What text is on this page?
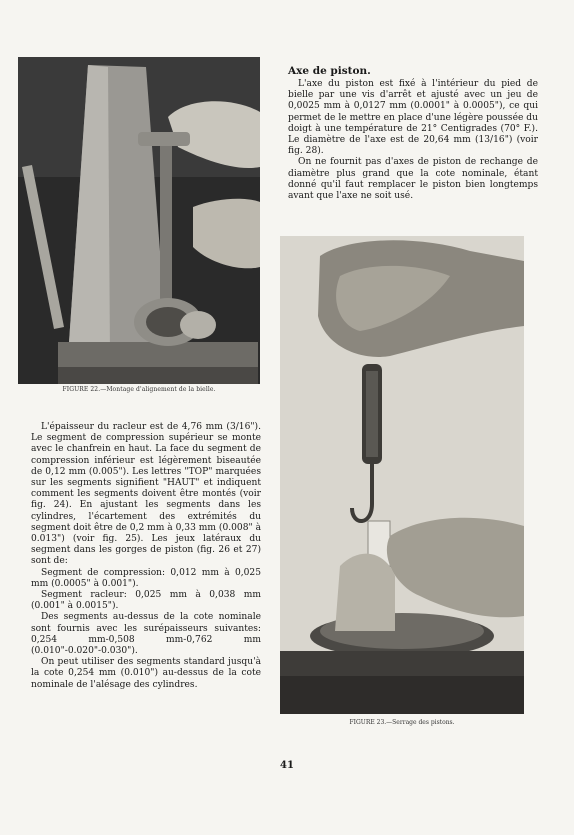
FIGURE 22.—Montage d'alignement de la bielle.

L'épaisseur du racleur est de 4,76 mm (3/16"). Le segment de compression supérieur se monte avec le chanfrein en haut. La face du segment de compression inférieur est légèrement biseautée de 0,12 mm (0.005"). Les lettres "TOP" marquées sur les segments signifient "HAUT" et indiquent comment les segments doivent être montés (voir fig. 24). En ajustant les segments dans les cylindres, l'écartement des extrémités du segment doit être de 0,2 mm à 0,33 mm (0.008" à 0.013") (voir fig. 25). Les jeux latéraux du segment dans les gorges de piston (fig. 26 et 27) sont de:

Segment de compression: 0,012 mm à 0,025 mm (0.0005" à 0.001").

Segment racleur: 0,025 mm à 0,038 mm (0.001" à 0.0015").

Des segments au-dessus de la cote nominale sont fournis avec les surépaisseurs suivantes: 0,254 mm-0,508 mm-0,762 mm (0.010"-0.020"-0.030").

On peut utiliser des segments standard jusqu'à la cote 0,254 mm (0.010") au-dessus de la cote nominale de l'alésage des cylindres.

Axe de piston.

L'axe du piston est fixé à l'intérieur du pied de bielle par une vis d'arrêt et ajusté avec un jeu de 0,0025 mm à 0,0127 mm (0.0001" à 0.0005"), ce qui permet de le mettre en place d'une légère poussée du doigt à une température de 21° Centigrades (70° F.). Le diamètre de l'axe est de 20,64 mm (13/16") (voir fig. 28).

On ne fournit pas d'axes de piston de rechange de diamètre plus grand que la cote nominale, étant donné qu'il faut remplacer le piston bien longtemps avant que l'axe ne soit usé.

FIGURE 23.—Serrage des pistons.
41
